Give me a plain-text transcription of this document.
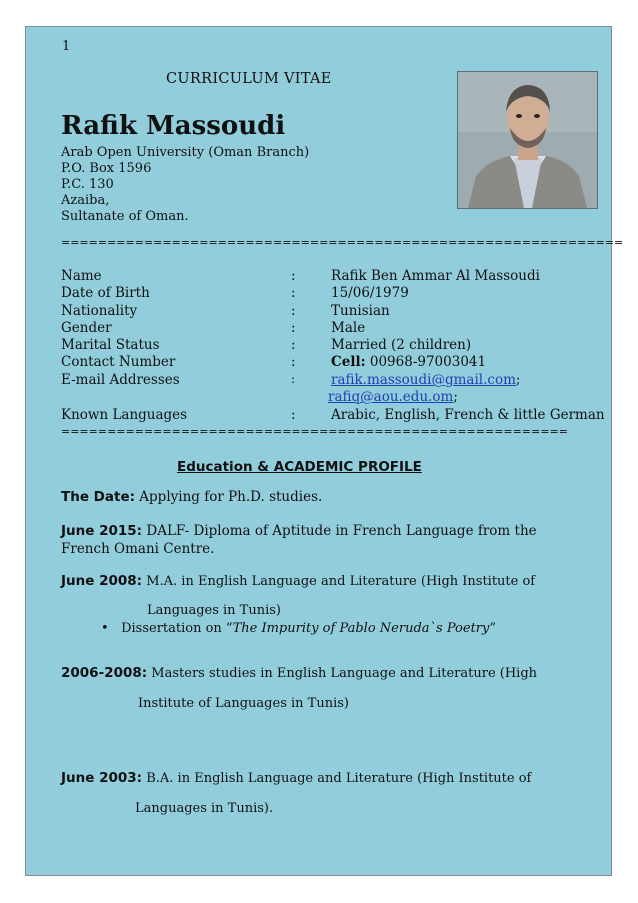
1
CURRICULUM VITAE
Rafik Massoudi
Arab Open University (Oman Branch)
P.O. Box 1596
P.C. 130
Azaiba,
Sultanate of Oman.
=============================================================
Name	:	Rafik Ben Ammar Al Massoudi
Date of Birth	:	15/06/1979
Nationality	:	Tunisian
Gender	:	Male
Marital Status	:	Married (2 children)
Contact Number	:	Cell: 00968-97003041
E-mail Addresses	:	rafik.massoudi@gmail.com;
rafiq@aou.edu.om;
Known Languages	:	Arabic, English, French & little German
=======================================================
Education & ACADEMIC PROFILE
The Date: Applying for Ph.D. studies.
June 2015: DALF- Diploma of Aptitude in French Language from the
French Omani Centre.
June 2008: M.A. in English Language and Literature (High Institute of
Languages in Tunis)
•   Dissertation on “The Impurity of Pablo Neruda`s Poetry”
2006-2008: Masters studies in English Language and Literature (High
Institute of Languages in Tunis)
June 2003: B.A. in English Language and Literature (High Institute of
Languages in Tunis).
